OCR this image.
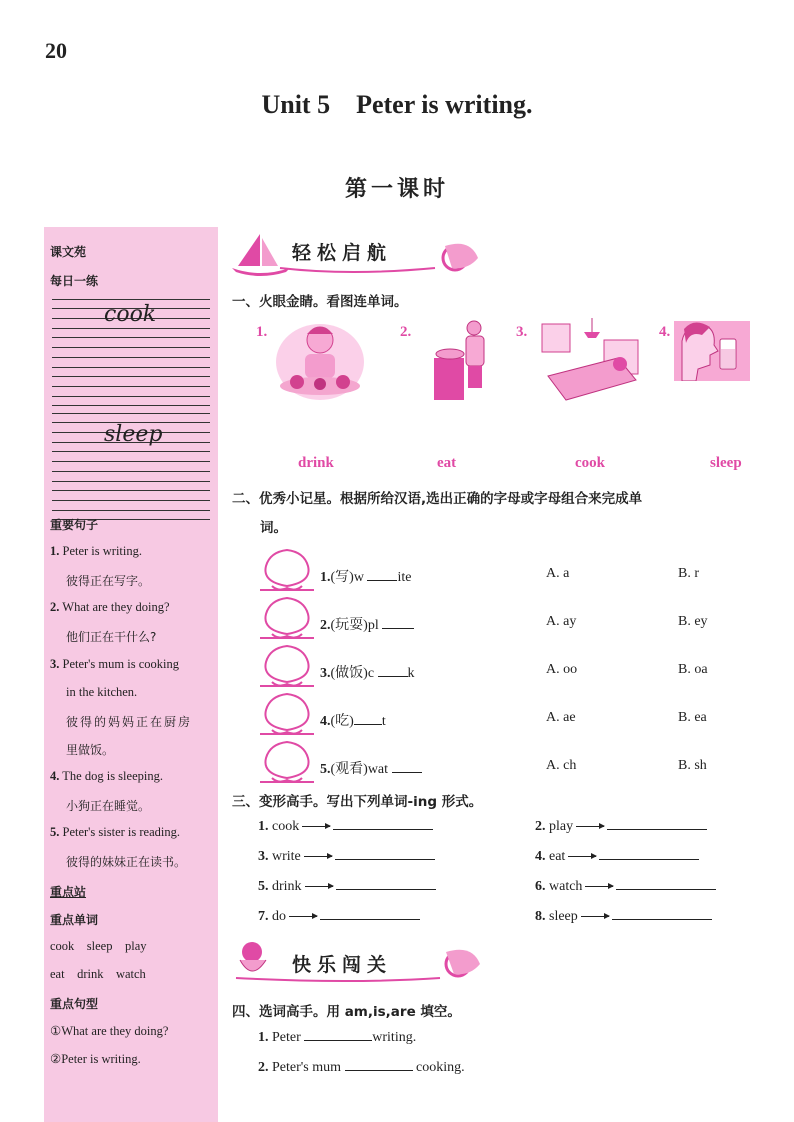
20
Unit 5    Peter is writing.
第一课时
课文苑
每日一练
cook
sleep
重要句子
1. Peter is writing.
彼得正在写字。
2. What are they doing?
他们正在干什么?
3. Peter's mum is cooking
in the kitchen.
彼得的妈妈正在厨房
里做饭。
4. The dog is sleeping.
小狗正在睡觉。
5. Peter's sister is reading.
彼得的妹妹正在读书。
重点站
重点单词
cook    sleep    play
eat    drink    watch
重点句型
①What are they doing?
②Peter is writing.
轻松启航
一、火眼金睛。看图连单词。
1.	2.	3.	4.
drink	eat	cook	sleep
二、优秀小记星。根据所给汉语,选出正确的字母或字母组合来完成单
词。
1.(写)w ite	A. a	B. r
2.(玩耍)pl	A. ay	B. ey
3.(做饭)c k	A. oo	B. oa
4.(吃) t	A. ae	B. ea
5.(观看)wat	A. ch	B. sh
三、变形高手。写出下列单词-ing 形式。
1. cook
3. write
5. drink
7. do
2. play
4. eat
6. watch
8. sleep
快乐闯关
四、选词高手。用 am,is,are 填空。
1. Peter	writing.
2. Peter's mum	cooking.
